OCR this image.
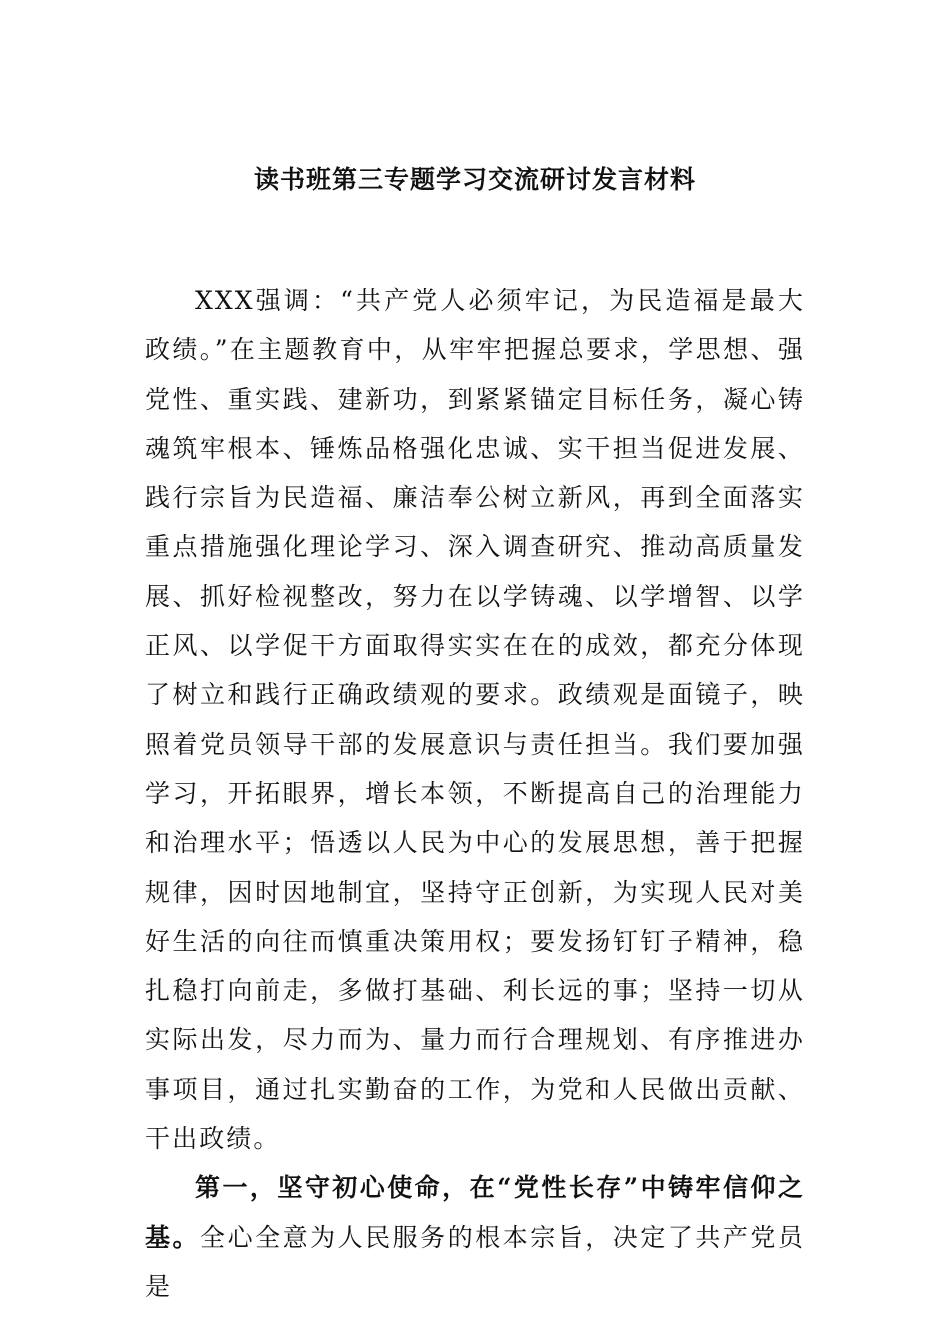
读书班第三专题学习交流研讨发言材料

XXX强调：“共产党人必须牢记，为民造福是最大政绩。”在主题教育中，从牢牢把握总要求，学思想、强党性、重实践、建新功，到紧紧锚定目标任务，凝心铸魂筑牢根本、锤炼品格强化忠诚、实干担当促进发展、践行宗旨为民造福、廉洁奉公树立新风，再到全面落实重点措施强化理论学习、深入调查研究、推动高质量发展、抓好检视整改，努力在以学铸魂、以学增智、以学正风、以学促干方面取得实实在在的成效，都充分体现了树立和践行正确政绩观的要求。政绩观是面镜子，映照着党员领导干部的发展意识与责任担当。我们要加强学习，开拓眼界，增长本领，不断提高自己的治理能力和治理水平；悟透以人民为中心的发展思想，善于把握规律，因时因地制宜，坚持守正创新，为实现人民对美好生活的向往而慎重决策用权；要发扬钉钉子精神，稳扎稳打向前走，多做打基础、利长远的事；坚持一切从实际出发，尽力而为、量力而行合理规划、有序推进办事项目，通过扎实勤奋的工作，为党和人民做出贡献、干出政绩。

第一，坚守初心使命，在“党性长存”中铸牢信仰之基。全心全意为人民服务的根本宗旨，决定了共产党员是
